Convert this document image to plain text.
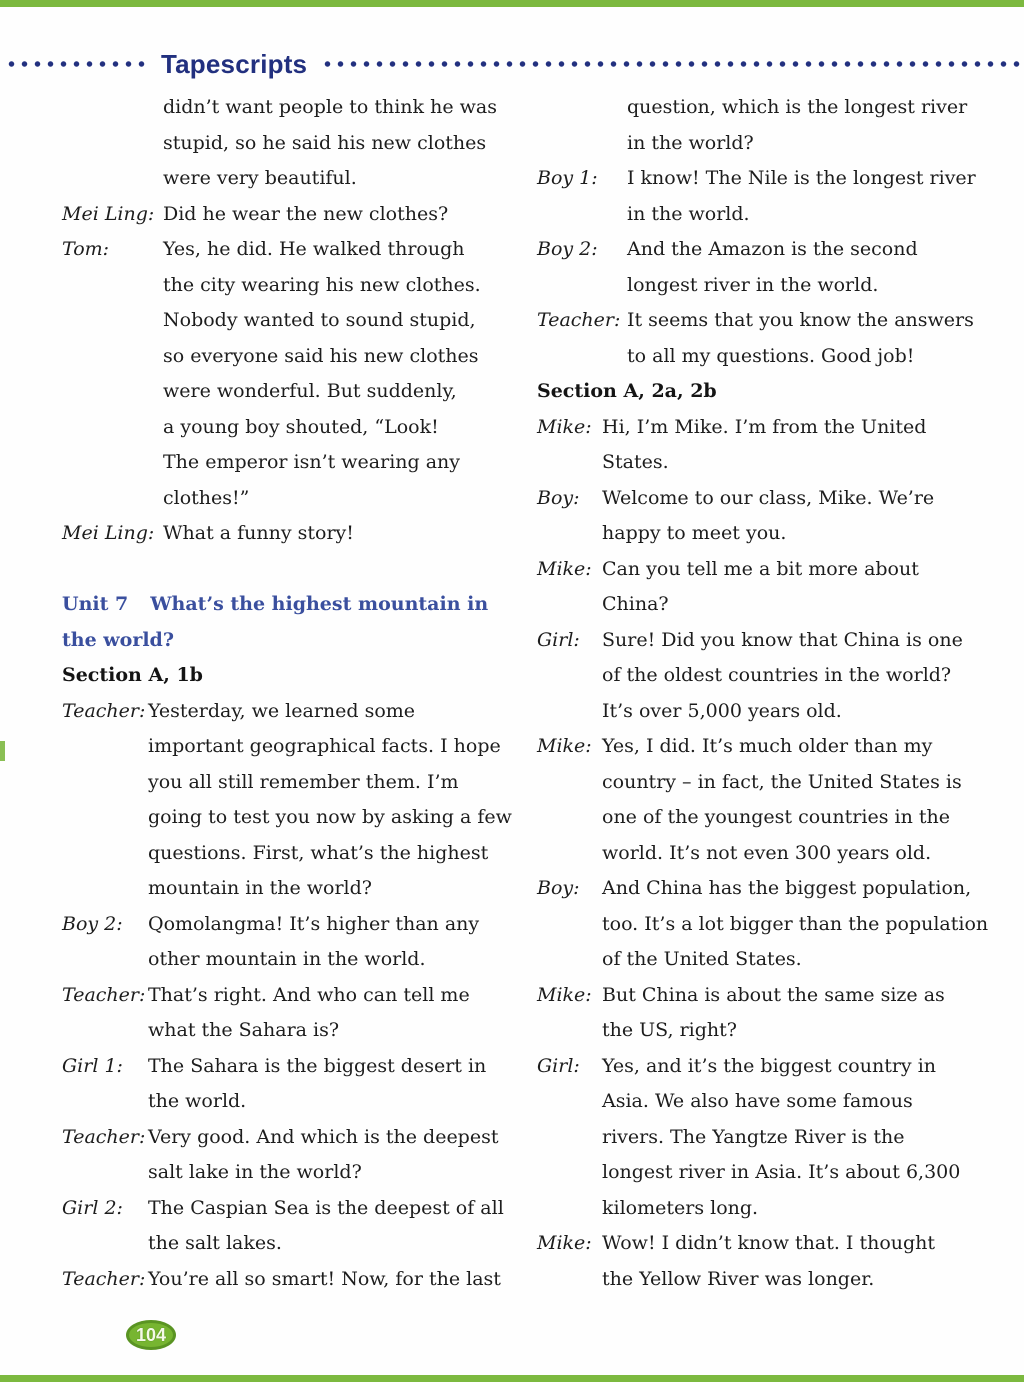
Tapescripts
didn’t want people to think he was
stupid, so he said his new clothes
were very beautiful.
Mei Ling: Did he wear the new clothes?
Tom:	Yes, he did. He walked through
the city wearing his new clothes.
Nobody wanted to sound stupid,
so everyone said his new clothes
were wonderful. But suddenly,
a young boy shouted, “Look!
The emperor isn’t wearing any
clothes!”
Mei Ling: What a funny story!
Unit 7 What’s the highest mountain in
the world?
Section A, 1b
Teacher: Yesterday, we learned some
important geographical facts. I hope
you all still remember them. I’m
going to test you now by asking a few
questions. First, what’s the highest
mountain in the world?
Boy 2: Qomolangma! It’s higher than any
other mountain in the world.
Teacher: That’s right. And who can tell me
what the Sahara is?
Girl 1: The Sahara is the biggest desert in
the world.
Teacher: Very good. And which is the deepest
salt lake in the world?
Girl 2: The Caspian Sea is the deepest of all
the salt lakes.
Teacher: You’re all so smart! Now, for the last
question, which is the longest river
in the world?
Boy 1: I know! The Nile is the longest river
in the world.
Boy 2: And the Amazon is the second
longest river in the world.
Teacher: It seems that you know the answers
to all my questions. Good job!
Section A, 2a, 2b
Mike: Hi, I’m Mike. I’m from the United
States.
Boy: Welcome to our class, Mike. We’re
happy to meet you.
Mike: Can you tell me a bit more about
China?
Girl: Sure! Did you know that China is one
of the oldest countries in the world?
It’s over 5,000 years old.
Mike: Yes, I did. It’s much older than my
country – in fact, the United States is
one of the youngest countries in the
world. It’s not even 300 years old.
Boy: And China has the biggest population,
too. It’s a lot bigger than the population
of the United States.
Mike: But China is about the same size as
the US, right?
Girl: Yes, and it’s the biggest country in
Asia. We also have some famous
rivers. The Yangtze River is the
longest river in Asia. It’s about 6,300
kilometers long.
Mike: Wow! I didn’t know that. I thought
the Yellow River was longer.
104
